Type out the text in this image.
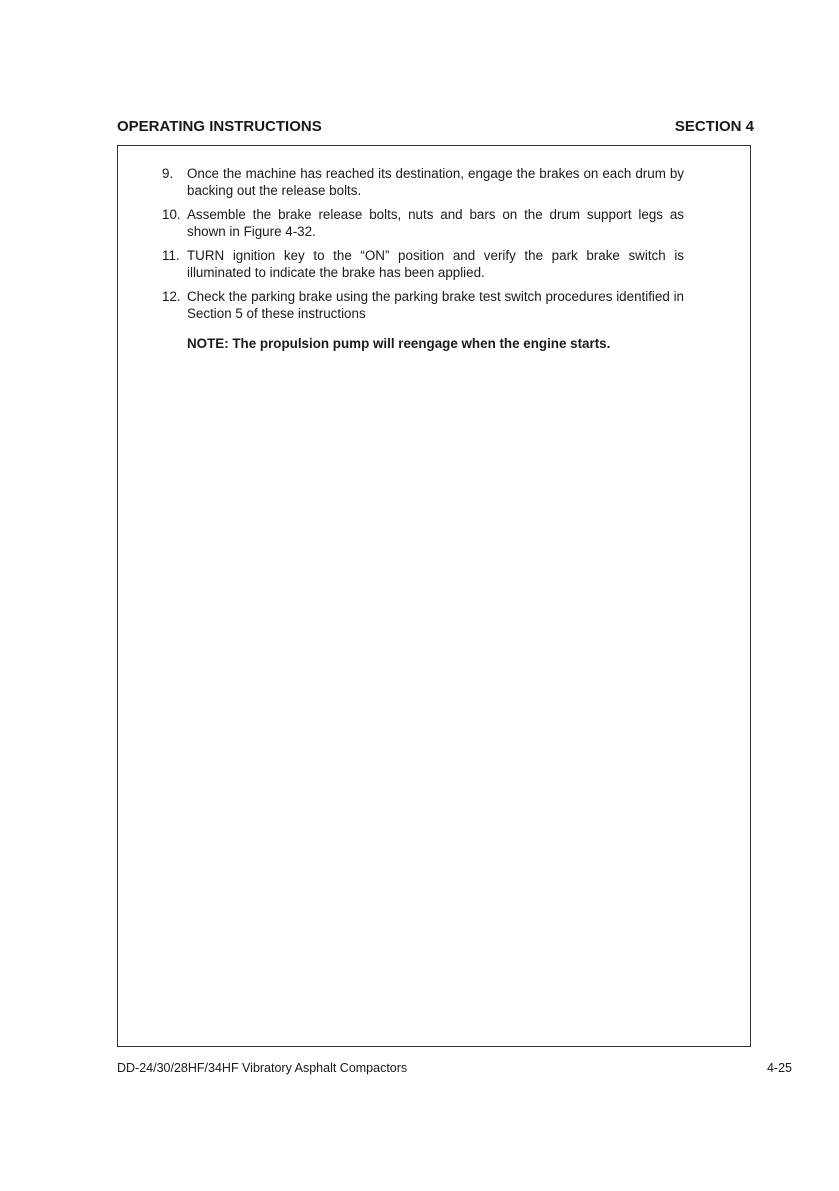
OPERATING INSTRUCTIONS	SECTION 4
9.	Once the machine has reached its destination, engage the brakes on each drum by backing out the release bolts.
10. Assemble the brake release bolts, nuts and bars on the drum support legs as shown in Figure 4-32.
11. TURN ignition key to the “ON” position and verify the park brake switch is illuminated to indicate the brake has been applied.
12. Check the parking brake using the parking brake test switch procedures identified in Section 5 of these instructions
NOTE: The propulsion pump will reengage when the engine starts.
DD-24/30/28HF/34HF Vibratory Asphalt Compactors	4-25
